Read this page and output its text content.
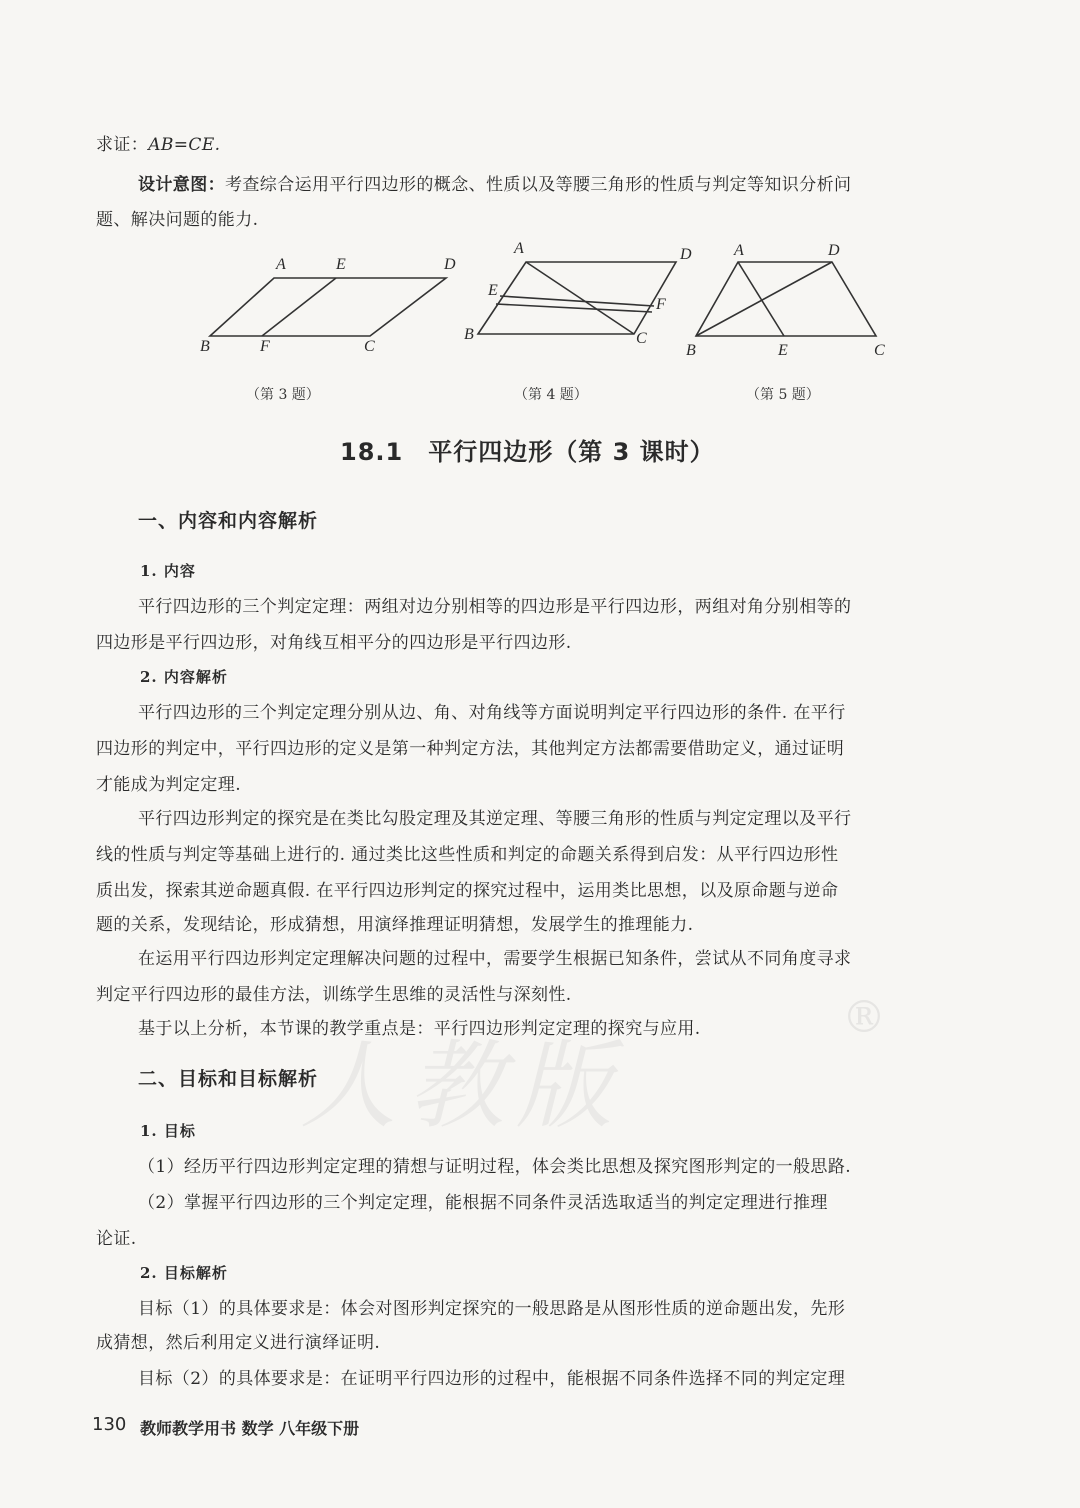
人教版
®
求证：AB=CE.
设计意图：考查综合运用平行四边形的概念、性质以及等腰三角形的性质与判定等知识分析问
题、解决问题的能力.
A	E	D
B	F	C
（第 3 题）
A	D
E
F
B	C
（第 4 题）
A	D
B	E	C
（第 5 题）
18.1　平行四边形（第 3 课时）
一、内容和内容解析
1. 内容
平行四边形的三个判定定理：两组对边分别相等的四边形是平行四边形，两组对角分别相等的
四边形是平行四边形，对角线互相平分的四边形是平行四边形.
2. 内容解析
平行四边形的三个判定定理分别从边、角、对角线等方面说明判定平行四边形的条件. 在平行
四边形的判定中，平行四边形的定义是第一种判定方法，其他判定方法都需要借助定义，通过证明
才能成为判定定理.
平行四边形判定的探究是在类比勾股定理及其逆定理、等腰三角形的性质与判定定理以及平行
线的性质与判定等基础上进行的. 通过类比这些性质和判定的命题关系得到启发：从平行四边形性
质出发，探索其逆命题真假. 在平行四边形判定的探究过程中，运用类比思想，以及原命题与逆命
题的关系，发现结论，形成猜想，用演绎推理证明猜想，发展学生的推理能力.
在运用平行四边形判定定理解决问题的过程中，需要学生根据已知条件，尝试从不同角度寻求
判定平行四边形的最佳方法，训练学生思维的灵活性与深刻性.
基于以上分析，本节课的教学重点是：平行四边形判定定理的探究与应用.
二、目标和目标解析
1. 目标
（1）经历平行四边形判定定理的猜想与证明过程，体会类比思想及探究图形判定的一般思路.
（2）掌握平行四边形的三个判定定理，能根据不同条件灵活选取适当的判定定理进行推理
论证.
2. 目标解析
目标（1）的具体要求是：体会对图形判定探究的一般思路是从图形性质的逆命题出发，先形
成猜想，然后利用定义进行演绎证明.
目标（2）的具体要求是：在证明平行四边形的过程中，能根据不同条件选择不同的判定定理
130 教师教学用书 数学 八年级下册
